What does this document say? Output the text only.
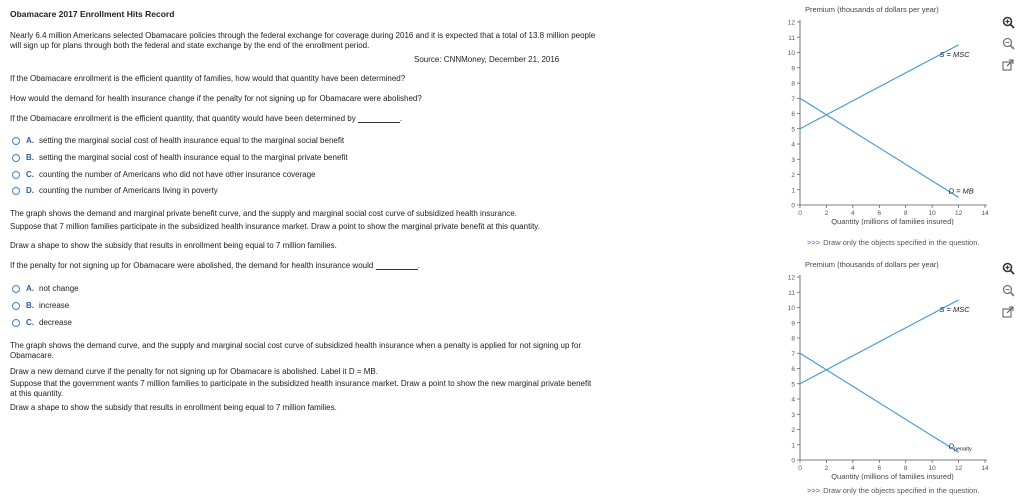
Obamacare 2017 Enrollment Hits Record
Nearly 6.4 million Americans selected Obamacare policies through the federal exchange for coverage during 2016 and it is expected that a total of 13.8 million people will sign up for plans through both the federal and state exchange by the end of the enrollment period.
Source: CNNMoney, December 21, 2016
If the Obamacare enrollment is the efficient quantity of families, how would that quantity have been determined?
How would the demand for health insurance change if the penalty for not signing up for Obamacare were abolished?
If the Obamacare enrollment is the efficient quantity, that quantity would have been determined by	.
A. setting the marginal social cost of health insurance equal to the marginal social benefit
B. setting the marginal social cost of health insurance equal to the marginal private benefit
C. counting the number of Americans who did not have other insurance coverage
D. counting the number of Americans living in poverty
The graph shows the demand and marginal private benefit curve, and the supply and marginal social cost curve of subsidized health insurance.
Suppose that 7 million families participate in the subsidized health insurance market. Draw a point to show the marginal private benefit at this quantity.
Draw a shape to show the subsidy that results in enrollment being equal to 7 million families.
If the penalty for not signing up for Obamacare were abolished, the demand for health insurance would	.
A. not change
B. increase
C. decrease
The graph shows the demand curve, and the supply and marginal social cost curve of subsidized health insurance when a penalty is applied for not signing up for Obamacare.
Draw a new demand curve if the penalty for not signing up for Obamacare is abolished. Label it D = MB.
Suppose that the government wants 7 million families to participate in the subsidized health insurance market. Draw a point to show the new marginal private benefit at this quantity.
Draw a shape to show the subsidy that results in enrollment being equal to 7 million families.
Premium (thousands of dollars per year)
0
1
2
3
4
5
6
7
8
9
10
11
12
0	2	4	6	8	10	12	14
Quantity (millions of families insured)
S = MSC
D = MB
>>> Draw only the objects specified in the question.
Premium (thousands of dollars per year)
0
1
2
3
4
5
6
7
8
9
10
11
12
0	2	4	6	8	10	12	14
Quantity (millions of families insured)
S = MSC
$D_{penalty}$
>>> Draw only the objects specified in the question.
